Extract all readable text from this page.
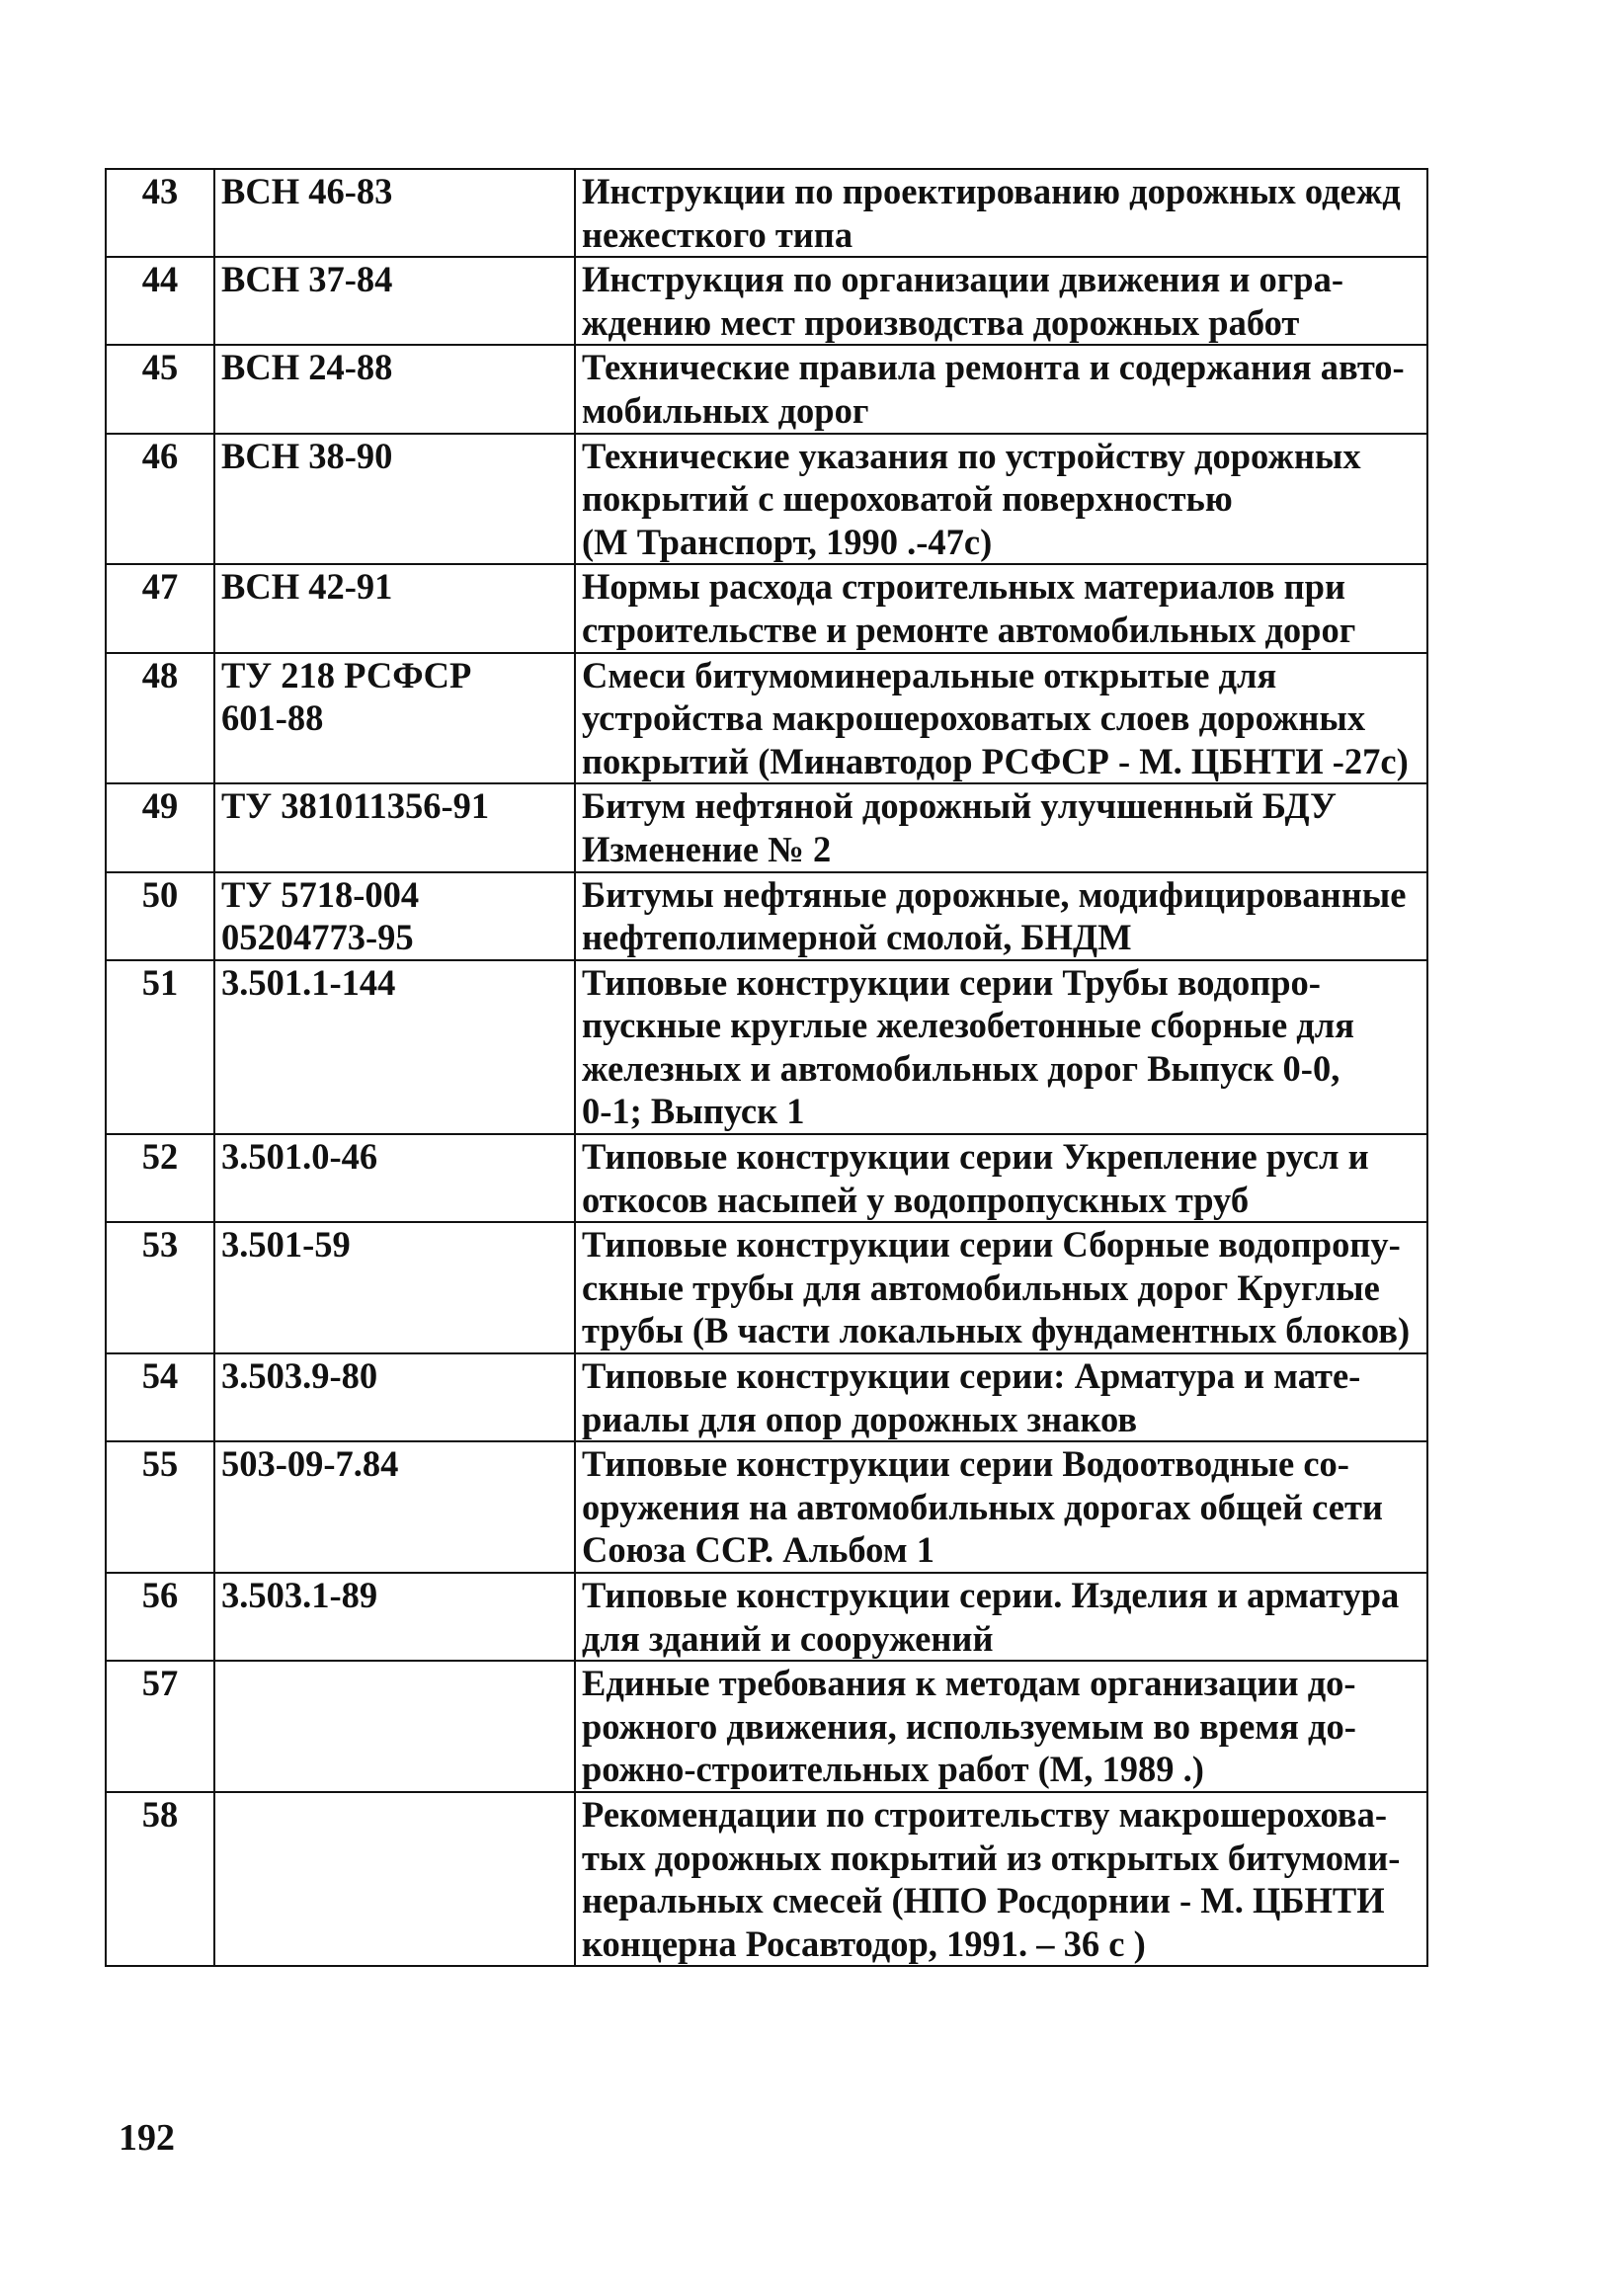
43	ВСН 46-83	Инструкции по проектированию дорожных одежд
нежесткого типа

44	ВСН 37-84	Инструкция по организации движения и огра-
ждению мест производства дорожных работ

45	ВСН 24-88	Технические правила ремонта и содержания авто-
мобильных дорог

46	ВСН 38-90	Технические указания по устройству дорожных
покрытий с шероховатой поверхностью
(М Транспорт, 1990 .-47с)

47	ВСН 42-91	Нормы расхода строительных материалов при
строительстве и ремонте автомобильных дорог

48	ТУ 218 РСФСР
601-88	Смеси битумоминеральные открытые для
устройства макрошероховатых слоев дорожных
покрытий (Минавтодор РСФСР - М. ЦБНТИ -27с)

49	ТУ 381011356-91	Битум нефтяной дорожный улучшенный БДУ
Изменение № 2

50	ТУ 5718-004
05204773-95	Битумы нефтяные дорожные, модифицированные
нефтеполимерной смолой, БНДМ

51	3.501.1-144	Типовые конструкции серии Трубы водопро-
пускные круглые железобетонные сборные для
железных и автомобильных дорог Выпуск 0-0,
0-1; Выпуск 1

52	3.501.0-46	Типовые конструкции серии Укрепление русл и
откосов насыпей у водопропускных труб

53	3.501-59	Типовые конструкции серии Сборные водопропу-
скные трубы для автомобильных дорог Круглые
трубы (В части локальных фундаментных блоков)

54	3.503.9-80	Типовые конструкции серии: Арматура и мате-
риалы для опор дорожных знаков

55	503-09-7.84	Типовые конструкции серии Водоотводные со-
оружения на автомобильных дорогах общей сети
Союза ССР. Альбом 1

56	3.503.1-89	Типовые конструкции серии. Изделия и арматура
для зданий и сооружений

57		Единые требования к методам организации до-
рожного движения, используемым во время до-
рожно-строительных работ (М, 1989 .)

58		Рекомендации по строительству макрошерохова-
тых дорожных покрытий из открытых битумоми-
неральных смесей (НПО Росдорнии - М. ЦБНТИ
концерна Росавтодор, 1991. – 36 с )
192
